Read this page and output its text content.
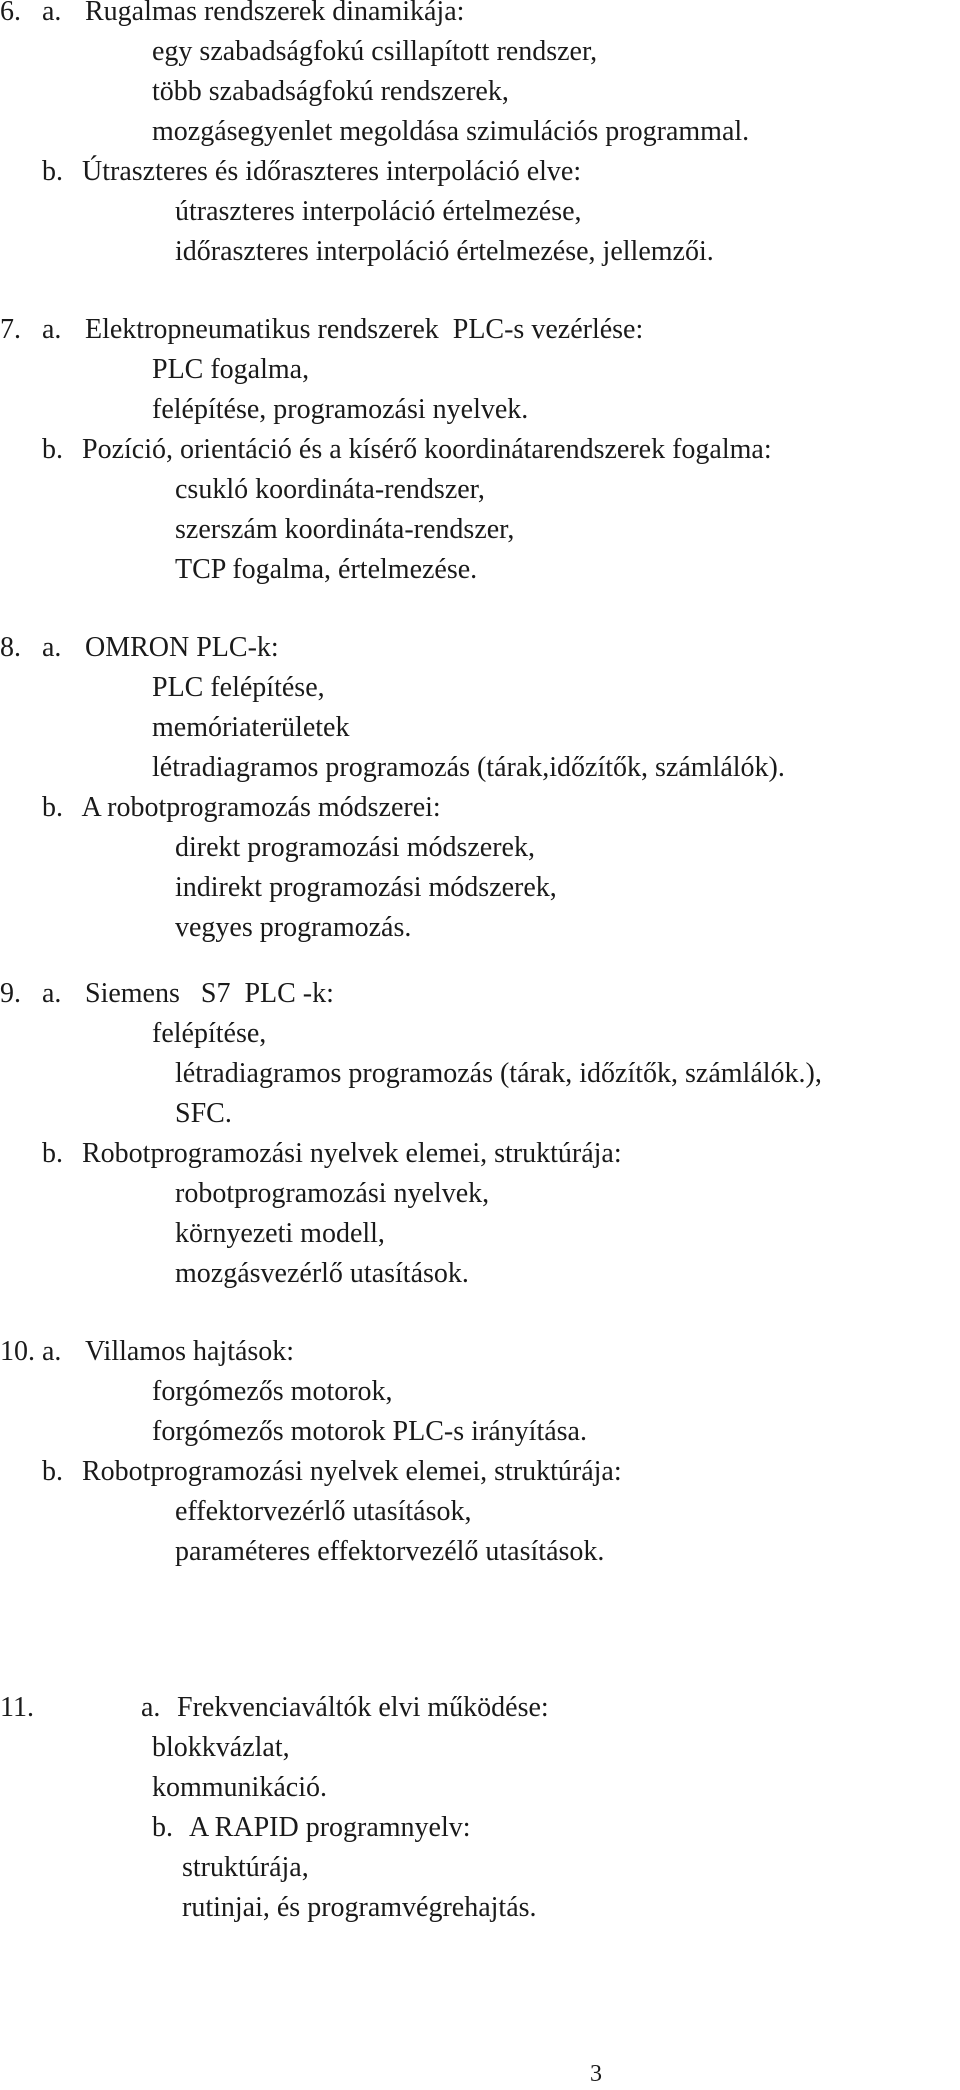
6. a. Rugalmas rendszerek dinamikája:
egy szabadságfokú csillapított rendszer,
több szabadságfokú rendszerek,
mozgásegyenlet megoldása szimulációs programmal.
b. Útraszteres és időraszteres interpoláció elve:
útraszteres interpoláció értelmezése,
időraszteres interpoláció értelmezése, jellemzői.
7. a. Elektropneumatikus rendszerek  PLC-s vezérlése:
PLC fogalma,
felépítése, programozási nyelvek.
b. Pozíció, orientáció és a kísérő koordinátarendszerek fogalma:
csukló koordináta-rendszer,
szerszám koordináta-rendszer,
TCP fogalma, értelmezése.
8. a. OMRON PLC-k:
PLC felépítése,
memóriaterületek
létradiagramos programozás (tárak,időzítők, számlálók).
b. A robotprogramozás módszerei:
direkt programozási módszerek,
indirekt programozási módszerek,
vegyes programozás.
9. a. Siemens   S7  PLC -k:
felépítése,
létradiagramos programozás (tárak, időzítők, számlálók.),
SFC.
b. Robotprogramozási nyelvek elemei, struktúrája:
robotprogramozási nyelvek,
környezeti modell,
mozgásvezérlő utasítások.
10. a. Villamos hajtások:
forgómezős motorok,
forgómezős motorok PLC-s irányítása.
b. Robotprogramozási nyelvek elemei, struktúrája:
effektorvezérlő utasítások,
paraméteres effektorvezélő utasítások.
11.	a. Frekvenciaváltók elvi működése:
blokkvázlat,
kommunikáció.
b. A RAPID programnyelv:
struktúrája,
rutinjai, és programvégrehajtás.
3
